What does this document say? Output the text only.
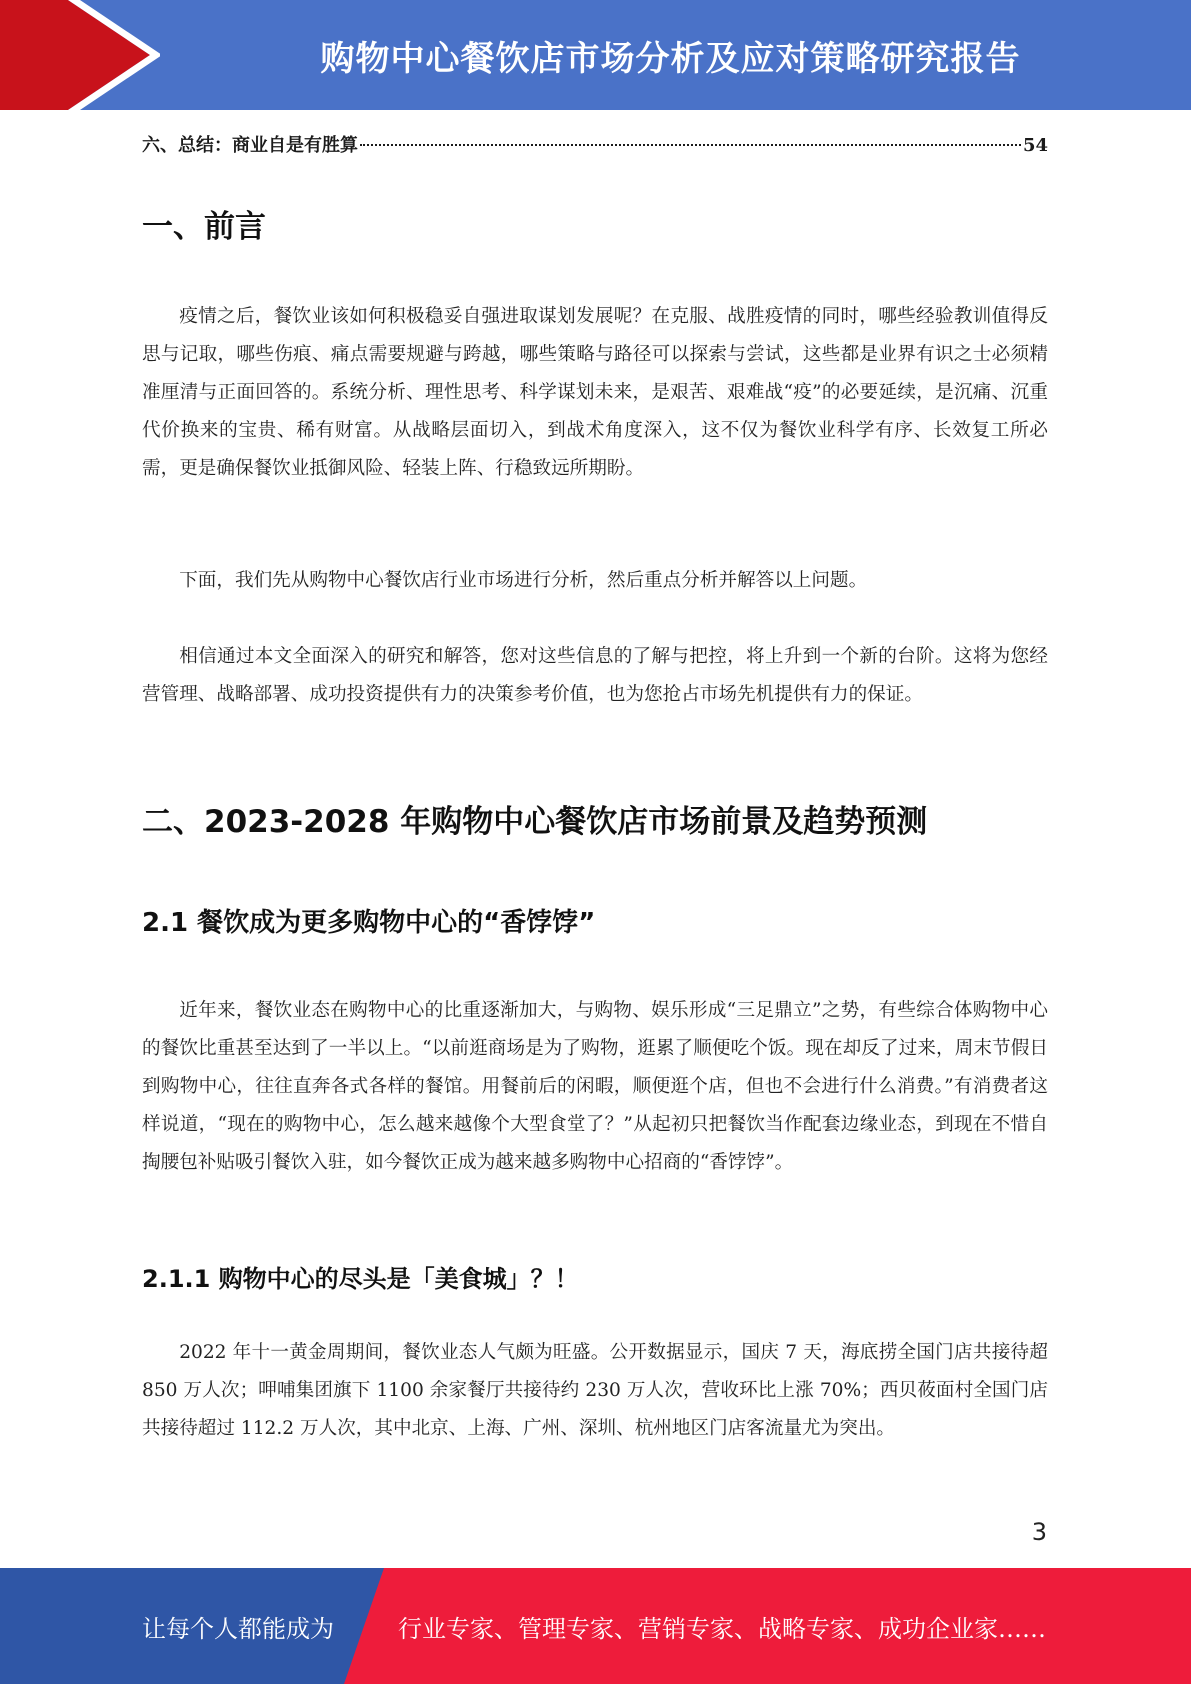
购物中心餐饮店市场分析及应对策略研究报告
六、总结：商业自是有胜算	54
一、前言

疫情之后，餐饮业该如何积极稳妥自强进取谋划发展呢？在克服、战胜疫情的同时，哪些经验教训值得反思与记取，哪些伤痕、痛点需要规避与跨越，哪些策略与路径可以探索与尝试，这些都是业界有识之士必须精准厘清与正面回答的。系统分析、理性思考、科学谋划未来，是艰苦、艰难战“疫”的必要延续，是沉痛、沉重代价换来的宝贵、稀有财富。从战略层面切入，到战术角度深入，这不仅为餐饮业科学有序、长效复工所必需，更是确保餐饮业抵御风险、轻装上阵、行稳致远所期盼。

下面，我们先从购物中心餐饮店行业市场进行分析，然后重点分析并解答以上问题。

相信通过本文全面深入的研究和解答，您对这些信息的了解与把控，将上升到一个新的台阶。这将为您经营管理、战略部署、成功投资提供有力的决策参考价值，也为您抢占市场先机提供有力的保证。

二、2023-2028 年购物中心餐饮店市场前景及趋势预测
2.1 餐饮成为更多购物中心的“香饽饽”

近年来，餐饮业态在购物中心的比重逐渐加大，与购物、娱乐形成“三足鼎立”之势，有些综合体购物中心的餐饮比重甚至达到了一半以上。“以前逛商场是为了购物，逛累了顺便吃个饭。现在却反了过来，周末节假日到购物中心，往往直奔各式各样的餐馆。用餐前后的闲暇，顺便逛个店，但也不会进行什么消费。”有消费者这样说道，“现在的购物中心，怎么越来越像个大型食堂了？”从起初只把餐饮当作配套边缘业态，到现在不惜自掏腰包补贴吸引餐饮入驻，如今餐饮正成为越来越多购物中心招商的“香饽饽”。

2.1.1 购物中心的尽头是「美食城」？！

2022 年十一黄金周期间，餐饮业态人气颇为旺盛。公开数据显示，国庆 7 天，海底捞全国门店共接待超 850 万人次；呷哺集团旗下 1100 余家餐厅共接待约 230 万人次，营收环比上涨 70%；西贝莜面村全国门店共接待超过 112.2 万人次，其中北京、上海、广州、深圳、杭州地区门店客流量尤为突出。

3
让每个人都能成为	行业专家、管理专家、营销专家、战略专家、成功企业家……
